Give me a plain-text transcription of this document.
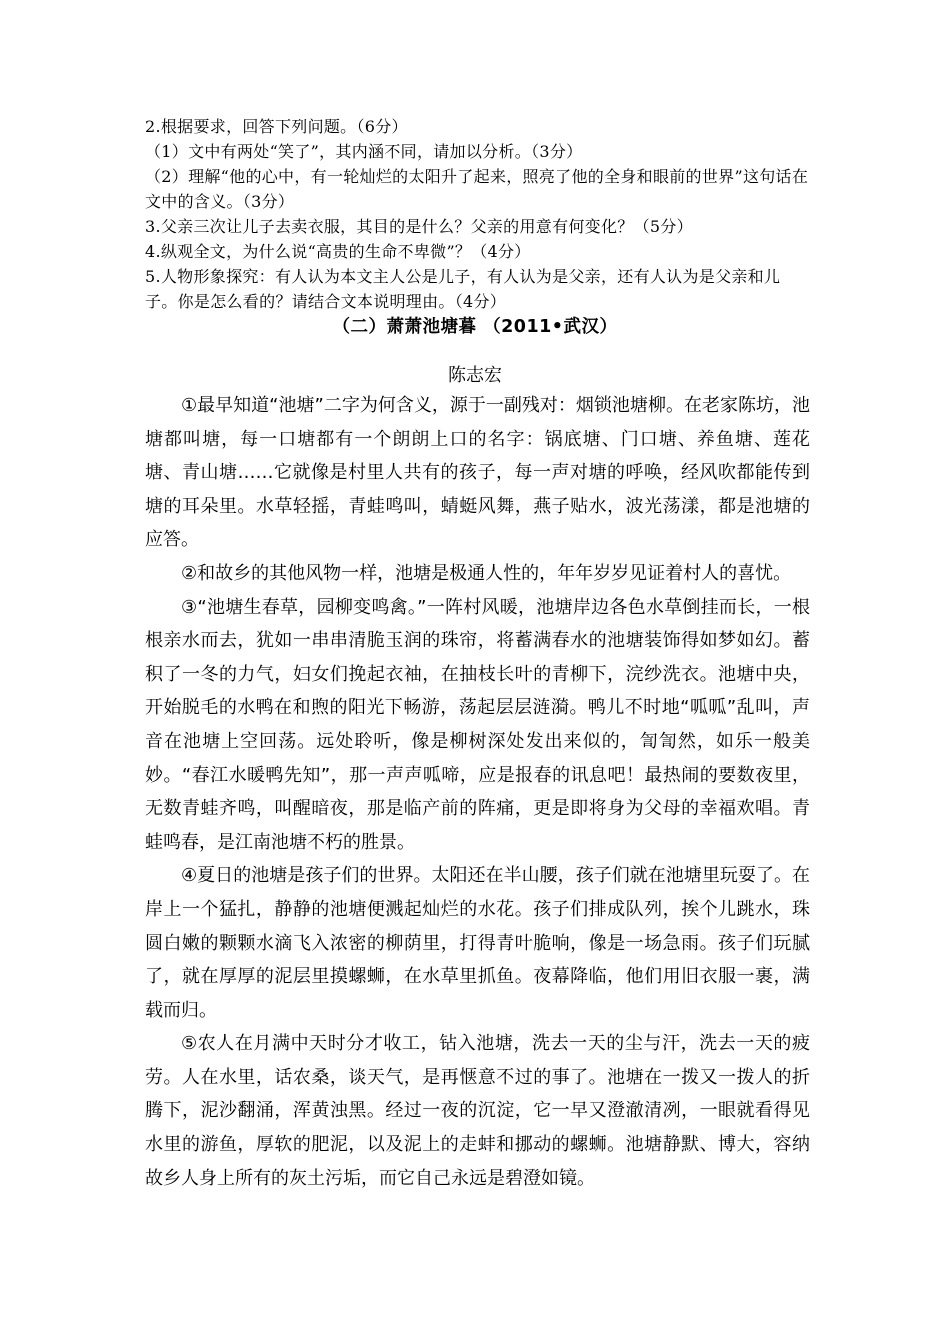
2.根据要求，回答下列问题。（6分）

（1）文中有两处“笑了”，其内涵不同，请加以分析。（3分）

（2）理解“他的心中，有一轮灿烂的太阳升了起来，照亮了他的全身和眼前的世界”这句话在文中的含义。（3分）

3.父亲三次让儿子去卖衣服，其目的是什么？父亲的用意有何变化？（5分）

4.纵观全文，为什么说“高贵的生命不卑微”？（4分）

5.人物形象探究：有人认为本文主人公是儿子，有人认为是父亲，还有人认为是父亲和儿子。你是怎么看的？请结合文本说明理由。（4分）

（二）萧萧池塘暮 （2011•武汉）
陈志宏

①最早知道“池塘”二字为何含义，源于一副残对：烟锁池塘柳。在老家陈坊，池塘都叫塘，每一口塘都有一个朗朗上口的名字：锅底塘、门口塘、养鱼塘、莲花塘、青山塘……它就像是村里人共有的孩子，每一声对塘的呼唤，经风吹都能传到塘的耳朵里。水草轻摇，青蛙鸣叫，蜻蜓风舞，燕子贴水，波光荡漾，都是池塘的应答。

②和故乡的其他风物一样，池塘是极通人性的，年年岁岁见证着村人的喜忧。

③“池塘生春草，园柳变鸣禽。”一阵村风暖，池塘岸边各色水草倒挂而长，一根根亲水而去，犹如一串串清脆玉润的珠帘，将蓄满春水的池塘装饰得如梦如幻。蓄积了一冬的力气，妇女们挽起衣袖，在抽枝长叶的青柳下，浣纱洗衣。池塘中央，开始脱毛的水鸭在和煦的阳光下畅游，荡起层层涟漪。鸭儿不时地“呱呱”乱叫，声音在池塘上空回荡。远处聆听，像是柳树深处发出来似的，訇訇然，如乐一般美妙。“春江水暖鸭先知”，那一声声呱啼，应是报春的讯息吧！最热闹的要数夜里，无数青蛙齐鸣，叫醒暗夜，那是临产前的阵痛，更是即将身为父母的幸福欢唱。青蛙鸣春，是江南池塘不朽的胜景。

④夏日的池塘是孩子们的世界。太阳还在半山腰，孩子们就在池塘里玩耍了。在岸上一个猛扎，静静的池塘便溅起灿烂的水花。孩子们排成队列，挨个儿跳水，珠圆白嫩的颗颗水滴飞入浓密的柳荫里，打得青叶脆响，像是一场急雨。孩子们玩腻了，就在厚厚的泥层里摸螺蛳，在水草里抓鱼。夜幕降临，他们用旧衣服一裹，满载而归。

⑤农人在月满中天时分才收工，钻入池塘，洗去一天的尘与汗，洗去一天的疲劳。人在水里，话农桑，谈天气，是再惬意不过的事了。池塘在一拨又一拨人的折腾下，泥沙翻涌，浑黄浊黑。经过一夜的沉淀，它一早又澄澈清冽，一眼就看得见水里的游鱼，厚软的肥泥，以及泥上的走蚌和挪动的螺蛳。池塘静默、博大，容纳故乡人身上所有的灰土污垢，而它自己永远是碧澄如镜。
